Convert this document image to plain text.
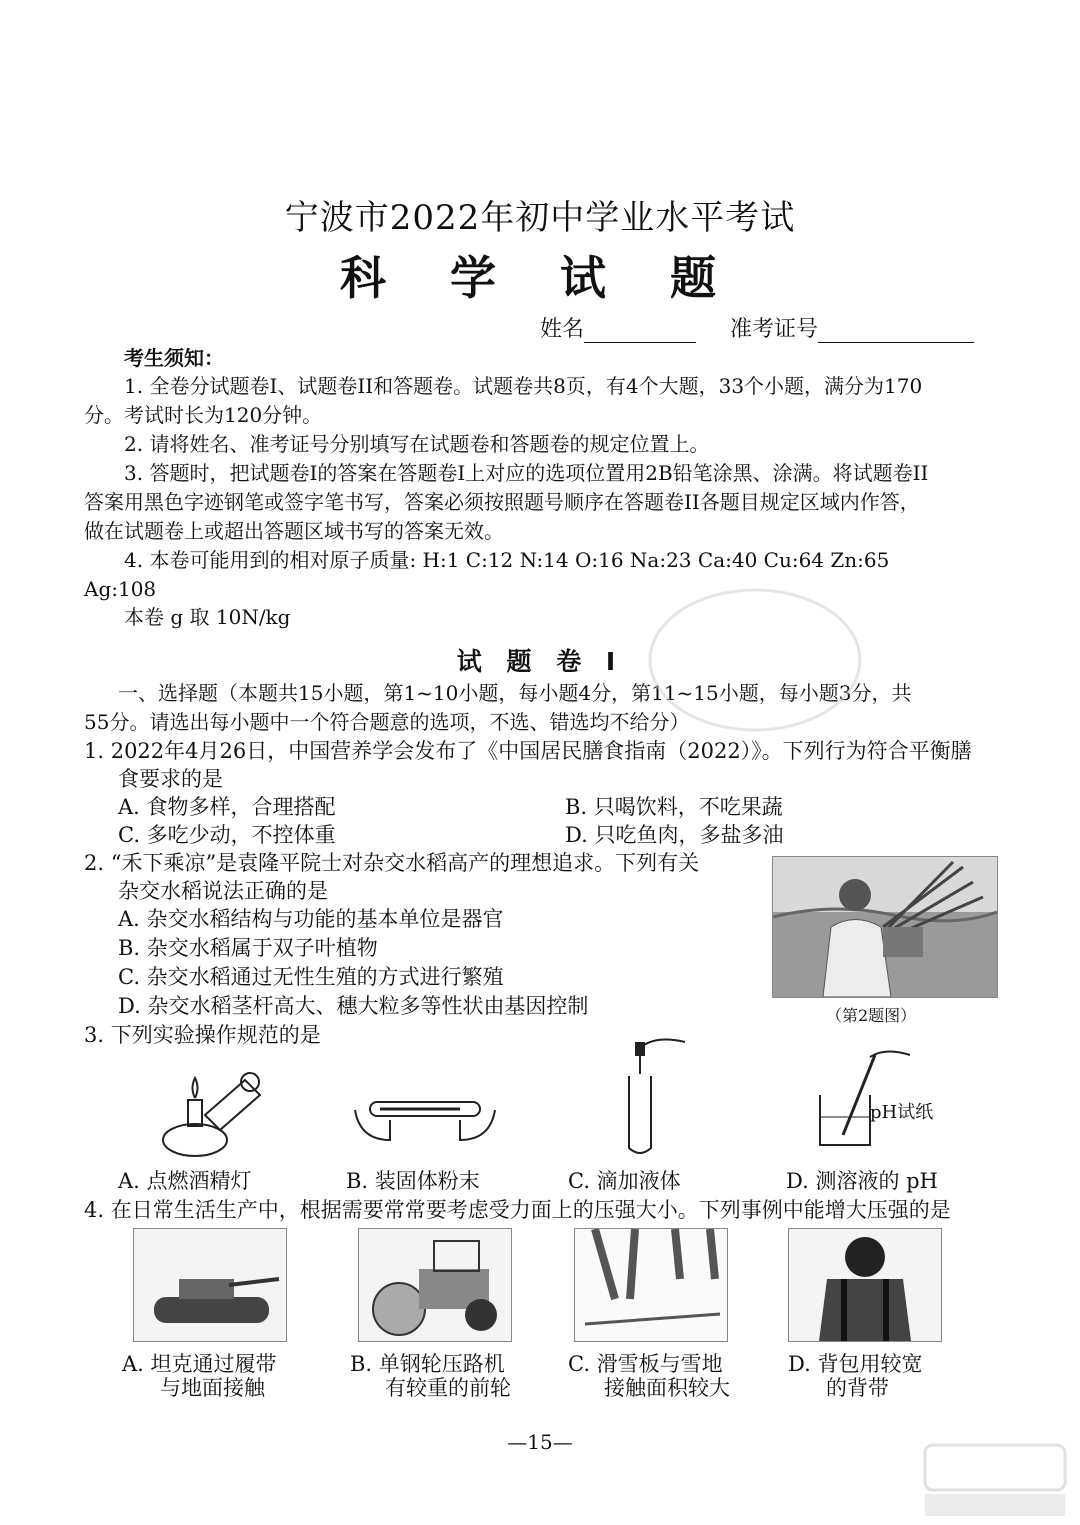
宁波市2022年初中学业水平考试
科 学 试 题
姓名	准考证号
考生须知：
1. 全卷分试题卷I、试题卷II和答题卷。试题卷共8页，有4个大题，33个小题，满分为170
分。考试时长为120分钟。
2. 请将姓名、准考证号分别填写在试题卷和答题卷的规定位置上。
3. 答题时，把试题卷I的答案在答题卷I上对应的选项位置用2B铅笔涂黑、涂满。将试题卷II
答案用黑色字迹钢笔或签字笔书写，答案必须按照题号顺序在答题卷II各题目规定区域内作答，
做在试题卷上或超出答题区域书写的答案无效。
4. 本卷可能用到的相对原子质量: H:1 C:12 N:14 O:16 Na:23 Ca:40 Cu:64 Zn:65
Ag:108
本卷 g 取 10N/kg
试 题 卷 I
一、选择题（本题共15小题，第1~10小题，每小题4分，第11~15小题，每小题3分，共
55分。请选出每小题中一个符合题意的选项，不选、错选均不给分）
1. 2022年4月26日，中国营养学会发布了《中国居民膳食指南（2022）》。下列行为符合平衡膳
食要求的是
A. 食物多样，合理搭配	B. 只喝饮料，不吃果蔬
C. 多吃少动，不控体重	D. 只吃鱼肉，多盐多油
2. “禾下乘凉”是袁隆平院士对杂交水稻高产的理想追求。下列有关
杂交水稻说法正确的是
A. 杂交水稻结构与功能的基本单位是器官
B. 杂交水稻属于双子叶植物
C. 杂交水稻通过无性生殖的方式进行繁殖
D. 杂交水稻茎杆高大、穗大粒多等性状由基因控制	（第2题图）
3. 下列实验操作规范的是
pH试纸
A. 点燃酒精灯	B. 装固体粉末	C. 滴加液体	D. 测溶液的 pH
4. 在日常生活生产中，根据需要常常要考虑受力面上的压强大小。下列事例中能增大压强的是
A. 坦克通过履带
与地面接触
B. 单钢轮压路机
有较重的前轮
C. 滑雪板与雪地
接触面积较大
D. 背包用较宽
的背带
—15—
